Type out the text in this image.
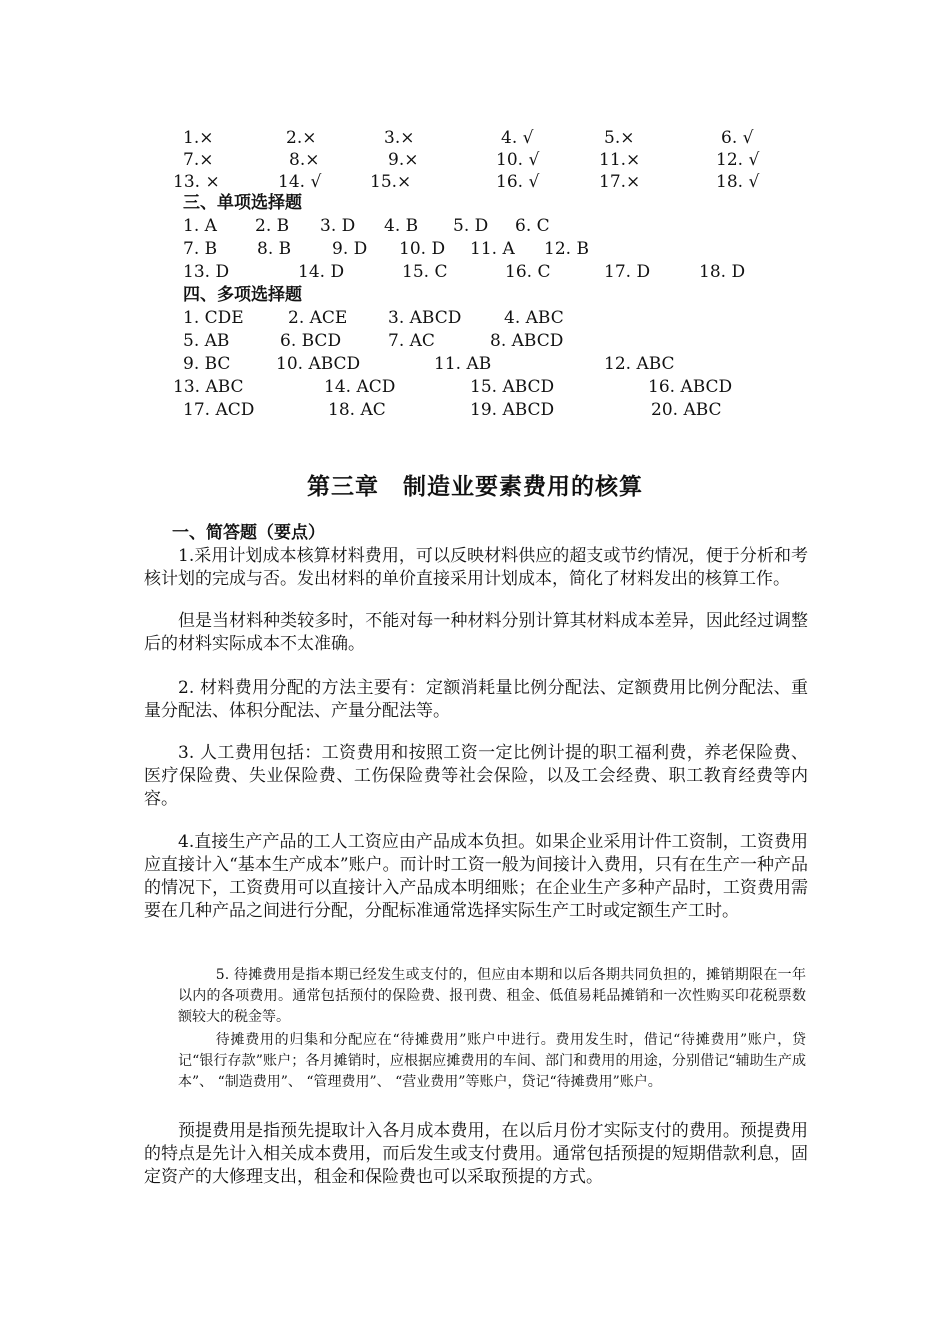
1.×	2.×	3.×	4. √	5.×	6. √
7.×	8.×	9.×	10. √	11.×	12. √
13. ×	14. √	15.×	16. √	17.×	18. √
三、单项选择题
1. A 2. B 3. D 4. B 5. D 6. C
7. B 8. B 9. D 10. D 11. A 12. B
13. D	14. D	15. C	16. C	17. D	18. D
四、多项选择题
1. CDE	2. ACE 3. ABCD	4. ABC
5. AB	6. BCD	7. AC	8. ABCD
9. BC	10. ABCD	11. AB	12. ABC
13. ABC	14. ACD	15. ABCD	16. ABCD
17. ACD	18. AC	19. ABCD	20. ABC
第三章　制造业要素费用的核算
一、简答题（要点）

1.采用计划成本核算材料费用，可以反映材料供应的超支或节约情况，便于分析和考核计划的完成与否。发出材料的单价直接采用计划成本，简化了材料发出的核算工作。

但是当材料种类较多时，不能对每一种材料分别计算其材料成本差异，因此经过调整后的材料实际成本不太准确。

2. 材料费用分配的方法主要有：定额消耗量比例分配法、定额费用比例分配法、重量分配法、体积分配法、产量分配法等。

3. 人工费用包括：工资费用和按照工资一定比例计提的职工福利费，养老保险费、医疗保险费、失业保险费、工伤保险费等社会保险，以及工会经费、职工教育经费等内容。

4.直接生产产品的工人工资应由产品成本负担。如果企业采用计件工资制，工资费用应直接计入“基本生产成本”账户。而计时工资一般为间接计入费用，只有在生产一种产品的情况下，工资费用可以直接计入产品成本明细账；在企业生产多种产品时，工资费用需要在几种产品之间进行分配，分配标准通常选择实际生产工时或定额生产工时。

5. 待摊费用是指本期已经发生或支付的，但应由本期和以后各期共同负担的，摊销期限在一年以内的各项费用。通常包括预付的保险费、报刊费、租金、低值易耗品摊销和一次性购买印花税票数额较大的税金等。

待摊费用的归集和分配应在“待摊费用”账户中进行。费用发生时，借记“待摊费用”账户，贷记“银行存款”账户；各月摊销时，应根据应摊费用的车间、部门和费用的用途，分别借记“辅助生产成本”、 “制造费用”、 “管理费用”、 “营业费用”等账户，贷记“待摊费用”账户。

预提费用是指预先提取计入各月成本费用，在以后月份才实际支付的费用。预提费用的特点是先计入相关成本费用，而后发生或支付费用。通常包括预提的短期借款利息，固定资产的大修理支出，租金和保险费也可以采取预提的方式。
